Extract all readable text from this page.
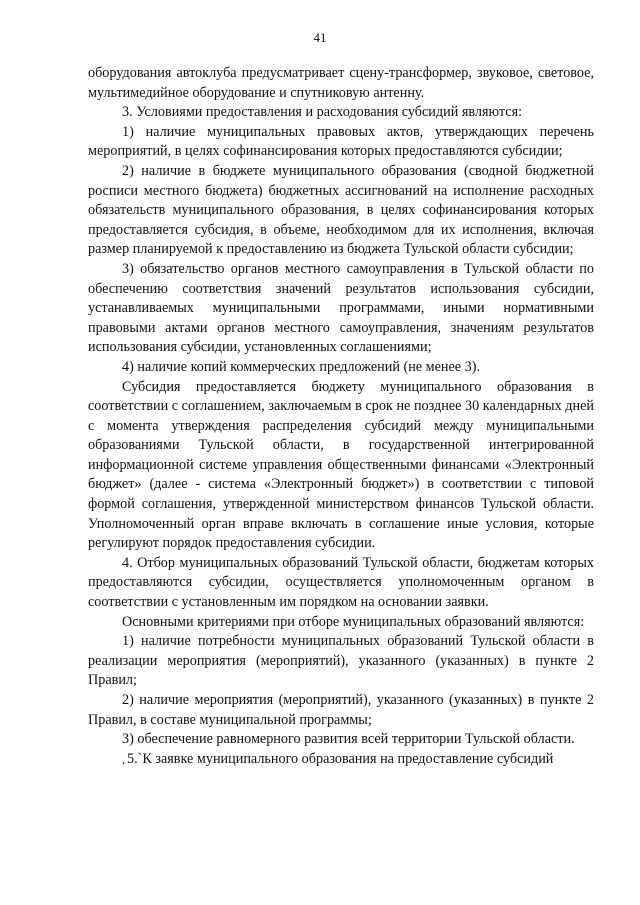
41

оборудования автоклуба предусматривает сцену-трансформер, звуковое, световое, мультимедийное оборудование и спутниковую антенну.

3. Условиями предоставления и расходования субсидий являются:

1) наличие муниципальных правовых актов, утверждающих перечень мероприятий, в целях софинансирования которых предоставляются субсидии;

2) наличие в бюджете муниципального образования (сводной бюджетной росписи местного бюджета) бюджетных ассигнований на исполнение расходных обязательств муниципального образования, в целях софинансирования которых предоставляется субсидия, в объеме, необходимом для их исполнения, включая размер планируемой к предоставлению из бюджета Тульской области субсидии;

3) обязательство органов местного самоуправления в Тульской области по обеспечению соответствия значений результатов использования субсидии, устанавливаемых муниципальными программами, иными нормативными правовыми актами органов местного самоуправления, значениям результатов использования субсидии, установленных соглашениями;

4) наличие копий коммерческих предложений (не менее 3).

Субсидия предоставляется бюджету муниципального образования в соответствии с соглашением, заключаемым в срок не позднее 30 календарных дней с момента утверждения распределения субсидий между муниципальными образованиями Тульской области, в государственной интегрированной информационной системе управления общественными финансами «Электронный бюджет» (далее - система «Электронный бюджет») в соответствии с типовой формой соглашения, утвержденной министерством финансов Тульской области. Уполномоченный орган вправе включать в соглашение иные условия, которые регулируют порядок предоставления субсидии.

4. Отбор муниципальных образований Тульской области, бюджетам которых предоставляются субсидии, осуществляется уполномоченным органом в соответствии с установленным им порядком на основании заявки.

Основными критериями при отборе муниципальных образований являются:

1) наличие потребности муниципальных образований Тульской области в реализации мероприятия (мероприятий), указанного (указанных) в пункте 2 Правил;

2) наличие мероприятия (мероприятий), указанного (указанных) в пункте 2 Правил, в составе муниципальной программы;

3) обеспечение равномерного развития всей территории Тульской области.

, 5.`К заявке муниципального образования на предоставление субсидий
